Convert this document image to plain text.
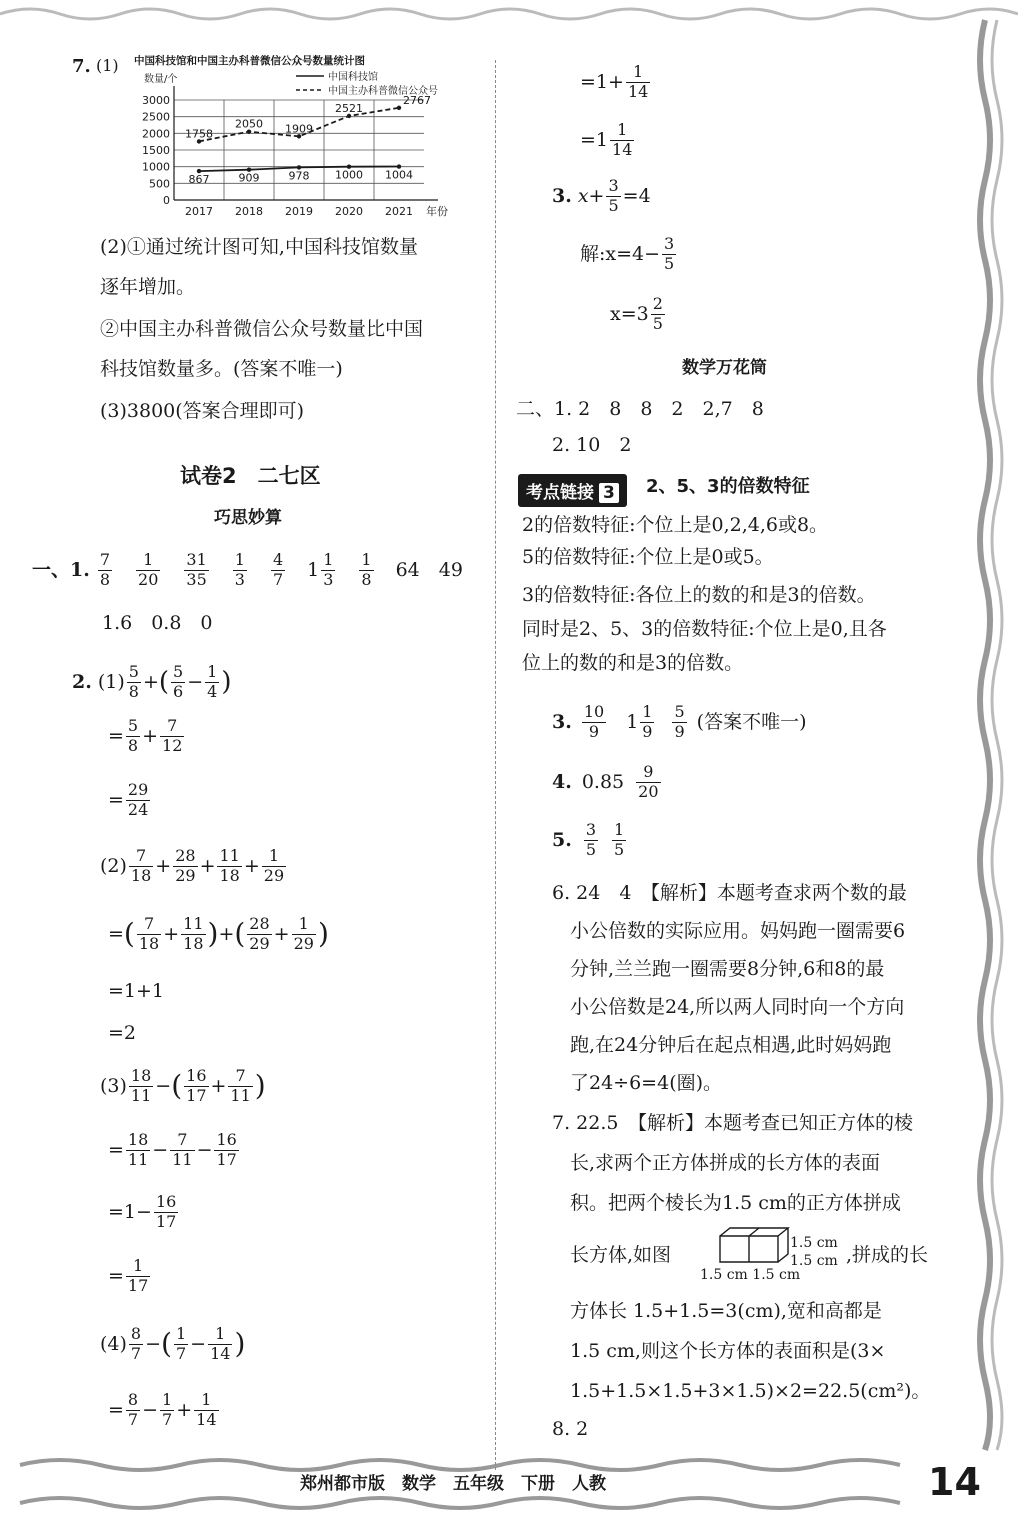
7. (1) 中国科技馆和中国主办科普微信公众号数量统计图
数量/个
0
500
1000
1500
2000
2500
3000
2017 2018 2019 2020 2021 年份
中国科技馆
中国主办科普微信公众号
867	909	978 1000 1004
1758
2050 1909
2521
2767
(2)①通过统计图可知,中国科技馆数量
逐年增加。
②中国主办科普微信公众号数量比中国
科技馆数量多。(答案不唯一)
(3)3800(答案合理即可)
试卷2　二七区
巧思妙算
一、1. $\frac{7}{8} \frac{1}{20} \frac{31}{35} \frac{1}{3} \frac{4}{7} 1 \frac{1}{3} \frac{1}{8} 64$　49
1.6　0.8　0
2. $(1) \frac{5}{8}$ + ( $\frac{5}{6} - \frac{1}{4}$ )
= $\frac{5}{8} + \frac{7}{12}$
= $\frac{29}{24}$
$(2) \frac{7}{18} + \frac{28}{29} + \frac{11}{18} + \frac{1}{29}$
= ( $\frac{7}{18} + \frac{11}{18}$ ) + ( $\frac{28}{29} + \frac{1}{29}$ )
=1+1
=2
$(3) \frac{18}{11}$ − ( $\frac{16}{17} + \frac{7}{11}$ )
= $\frac{18}{11} - \frac{7}{11} - \frac{16}{17}$
$=1- \frac{16}{17}$
= $\frac{1}{17}$
$(4) \frac{8}{7}$ − ( $\frac{1}{7} - \frac{1}{14}$ )
= $\frac{8}{7} - \frac{1}{7} + \frac{1}{14}$
$=1+ \frac{1}{14}$
$=1 \frac{1}{14}$
3. $x+ \frac{3}{5} =4$
解:x=4− $\frac{3}{5}$
$x=3 \frac{2}{5}$
数学万花筒
二、1. 2　8　8　2　2,7　8
2. 10　2
考点链接 3	2、5、3的倍数特征
2的倍数特征:个位上是0,2,4,6或8。
5的倍数特征:个位上是0或5。
3的倍数特征:各位上的数的和是3的倍数。
同时是2、5、3的倍数特征:个位上是0,且各
位上的数的和是3的倍数。
3. $\frac{10}{9} 1 \frac{1}{9} \frac{5}{9}$ (答案不唯一)
4. $0.85 \frac{9}{20}$
5. $\frac{3}{5} \frac{1}{5}$
6. 24　4　【解析】本题考查求两个数的最
小公倍数的实际应用。妈妈跑一圈需要6
分钟,兰兰跑一圈需要8分钟,6和8的最
小公倍数是24,所以两人同时向一个方向
跑,在24分钟后在起点相遇,此时妈妈跑
了24÷6=4(圈)。
7. 22.5　【解析】本题考查已知正方体的棱
长,求两个正方体拼成的长方体的表面
积。把两个棱长为1.5 cm的正方体拼成
长方体,如图
1.5 cm
1.5 cm
1.5 cm 1.5 cm
,拼成的长
方体长 1.5+1.5=3(cm),宽和高都是
1.5 cm,则这个长方体的表面积是(3×
1.5+1.5×1.5+3×1.5)×2=22.5(cm²)。
8. 2
郑州都市版　数学　五年级　下册　人教	14
